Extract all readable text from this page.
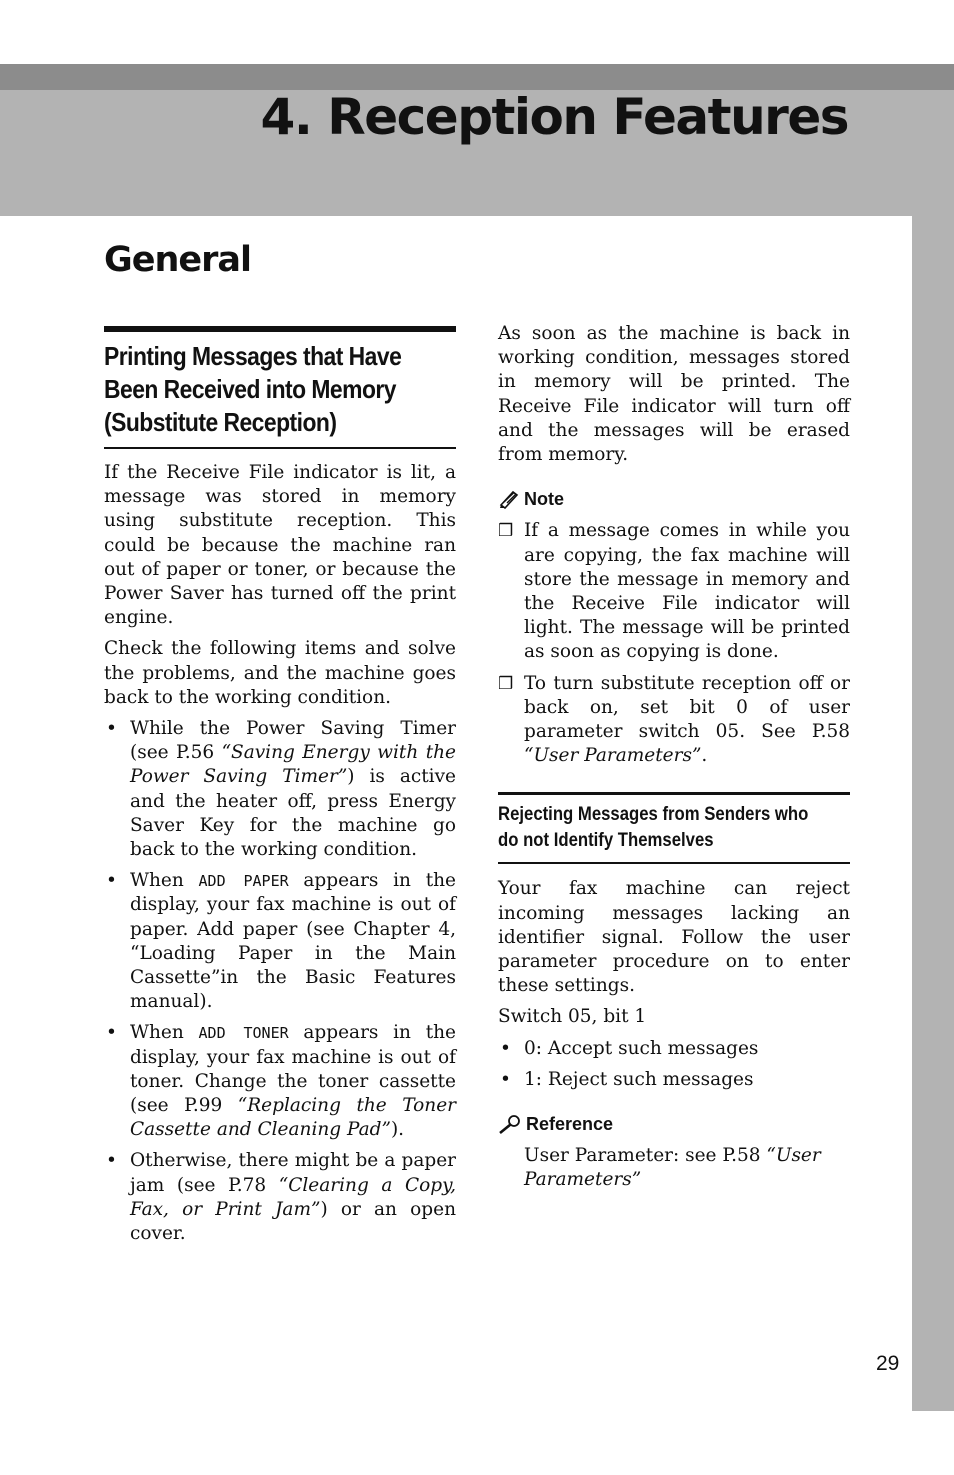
4. Reception Features
General
Printing Messages that Have
Been Received into Memory
(Substitute Reception)

If the Receive File indicator is lit, a message was stored in memory using substitute reception. This could be because the machine ran out of paper or toner, or because the Power Saver has turned off the print engine.

Check the following items and solve the problems, and the machine goes back to the working condition.

• While the Power Saving Timer (see P.56 “Saving Energy with the Power Saving Timer”) is active and the heater off, press Energy Saver Key for the machine go back to the working condition.
• When ADD PAPER appears in the display, your fax machine is out of paper. Add paper (see Chapter 4, “Loading Paper in the Main Cassette”in the Basic Features manual).
• When ADD TONER appears in the display, your fax machine is out of toner. Change the toner cassette (see P.99 “Replacing the Toner Cassette and Cleaning Pad”).
• Otherwise, there might be a paper jam (see P.78 “Clearing a Copy, Fax, or Print Jam”) or an open cover.

As soon as the machine is back in working condition, messages stored in memory will be printed. The Receive File indicator will turn off and the messages will be erased from memory.

Note
❒ If a message comes in while you are copying, the fax machine will store the message in memory and the Receive File indicator will light. The message will be printed as soon as copying is done.
❒ To turn substitute reception off or back on, set bit 0 of user parameter switch 05. See P.58 “User Parameters”.
Rejecting Messages from Senders who
do not Identify Themselves

Your fax machine can reject incoming messages lacking an identifier signal. Follow the user parameter procedure on to enter these settings.

Switch 05, bit 1

• 0: Accept such messages
• 1: Reject such messages
Reference

User Parameter: see P.58 “User Parameters”

29
